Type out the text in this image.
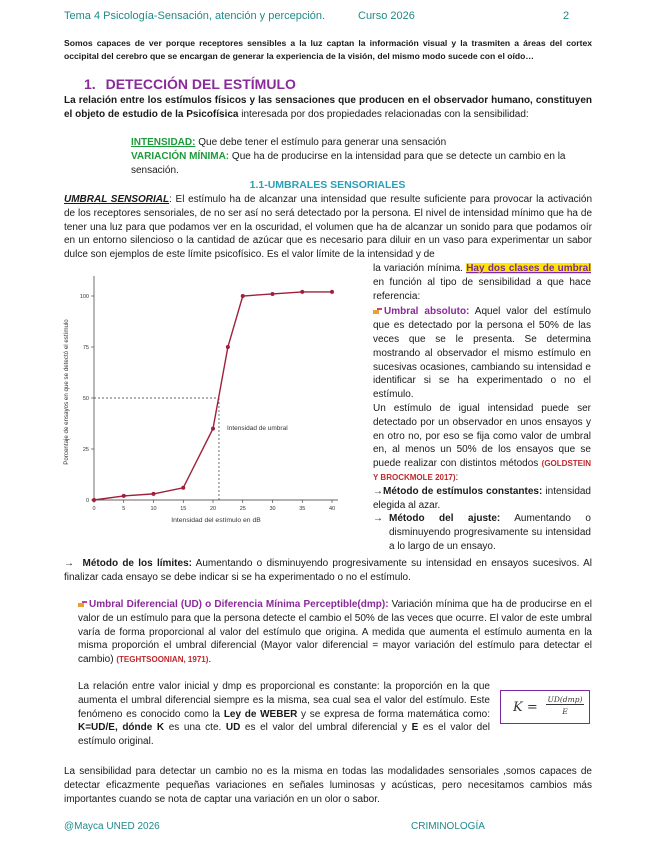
Tema 4 Psicología-Sensación, atención y percepción.	Curso 2026	2
Somos capaces de ver porque receptores sensibles a la luz captan la información visual y la trasmiten a áreas del cortex occipital del cerebro que se encargan de generar la experiencia de la visión, del mismo modo sucede con el oído…
1. DETECCIÓN DEL ESTÍMULO
La relación entre los estímulos físicos y las sensaciones que producen en el observador humano, constituyen el objeto de estudio de la Psicofísica interesada por dos propiedades relacionadas con la sensibilidad:
INTENSIDAD: Que debe tener el estímulo para generar una sensación
VARIACIÓN MÍNIMA: Que ha de producirse en la intensidad para que se detecte un cambio en la sensación.
1.1-UMBRALES SENSORIALES
UMBRAL SENSORIAL: El estímulo ha de alcanzar una intensidad que resulte suficiente para provocar la activación de los receptores sensoriales, de no ser así no será detectado por la persona. El nivel de intensidad mínimo que ha de tener una luz para que podamos ver en la oscuridad, el volumen que ha de alcanzar un sonido para que podamos oír en un entorno silencioso o la cantidad de azúcar que es necesario para diluir en un vaso para experimentar un sabor dulce son ejemplos de este límite psicofísico. Es el valor límite de la intensidad y de
0
25
50
75
100
0	5	10	15	20	25	30	35	40
Intensidad de umbral
Intensidad del estímulo en dB
Porcentaje de ensayos en que se detectó el estímulo
la variación mínima. Hay dos clases de umbral en función al tipo de sensibilidad a que hace referencia:
Umbral absoluto: Aquel valor del estímulo que es detectado por la persona el 50% de las veces que se le presenta. Se determina mostrando al observador el mismo estímulo en sucesivas ocasiones, cambiando su intensidad e identificar si se ha experimentado o no el estímulo.
Un estímulo de igual intensidad puede ser detectado por un observador en unos ensayos y en otro no, por eso se fija como valor de umbral en, al menos un 50% de los ensayos que se puede realizar con distintos métodos (GOLDSTEIN Y BROCKMOLE 2017):
→Método de estímulos constantes: intensidad elegida al azar.
→ Método del ajuste: Aumentando o disminuyendo progresivamente su intensidad a lo largo de un ensayo.
→ Método de los límites: Aumentando o disminuyendo progresivamente su intensidad en ensayos sucesivos. Al finalizar cada ensayo se debe indicar si se ha experimentado o no el estímulo.
Umbral Diferencial (UD) o Diferencia Mínima Perceptible(dmp): Variación mínima que ha de producirse en el valor de un estímulo para que la persona detecte el cambio el 50% de las veces que ocurre. El valor de este umbral varía de forma proporcional al valor del estímulo que origina. A medida que aumenta el estímulo aumenta en la misma proporción el umbral diferencial (Mayor valor diferencial = mayor variación del estímulo para detectar el cambio) (TEGHTSOONIAN, 1971).
La relación entre valor inicial y dmp es proporcional es constante: la proporción en la que aumenta el umbral diferencial siempre es la misma, sea cual sea el valor del estímulo. Este fenómeno es conocido como la Ley de WEBER y se expresa de forma matemática como: K=UD/E, dónde K es una cte. UD es el valor del umbral diferencial y E es el valor del estímulo original.
K =
UD(dmp)
E
La sensibilidad para detectar un cambio no es la misma en todas las modalidades sensoriales ,somos capaces de detectar eficazmente pequeñas variaciones en señales luminosas y acústicas, pero necesitamos cambios más importantes cuando se nota de captar una variación en un olor o sabor.
@Mayca UNED 2026	CRIMINOLOGÍA
